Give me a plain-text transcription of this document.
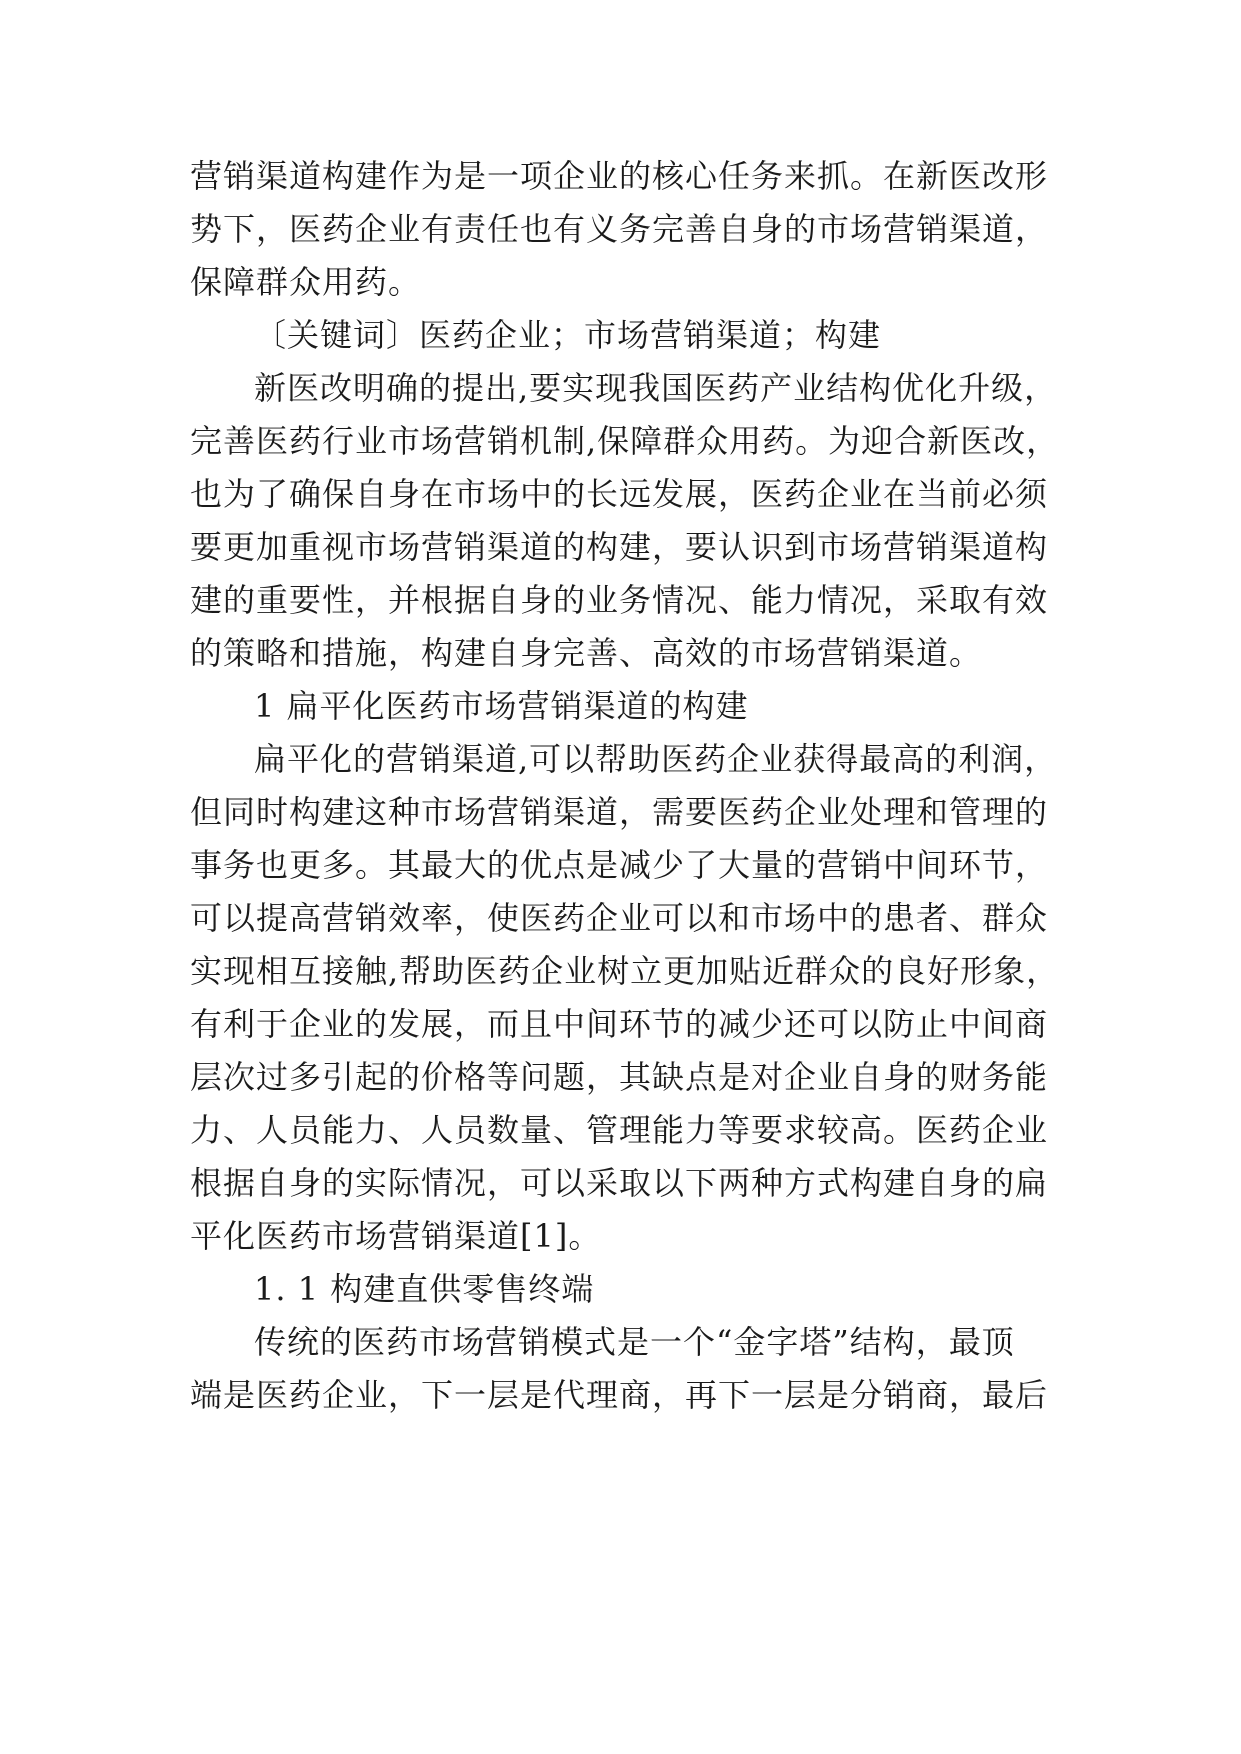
营销渠道构建作为是一项企业的核心任务来抓。在新医改形
势下，医药企业有责任也有义务完善自身的市场营销渠道，
保障群众用药。
〔关键词〕医药企业；市场营销渠道；构建
新医改明确的提出,要实现我国医药产业结构优化升级，
完善医药行业市场营销机制,保障群众用药。为迎合新医改，
也为了确保自身在市场中的长远发展，医药企业在当前必须
要更加重视市场营销渠道的构建，要认识到市场营销渠道构
建的重要性，并根据自身的业务情况、能力情况，采取有效
的策略和措施，构建自身完善、高效的市场营销渠道。
1 扁平化医药市场营销渠道的构建
扁平化的营销渠道,可以帮助医药企业获得最高的利润，
但同时构建这种市场营销渠道，需要医药企业处理和管理的
事务也更多。其最大的优点是减少了大量的营销中间环节，
可以提高营销效率，使医药企业可以和市场中的患者、群众
实现相互接触,帮助医药企业树立更加贴近群众的良好形象，
有利于企业的发展，而且中间环节的减少还可以防止中间商
层次过多引起的价格等问题，其缺点是对企业自身的财务能
力、人员能力、人员数量、管理能力等要求较高。医药企业
根据自身的实际情况，可以采取以下两种方式构建自身的扁
平化医药市场营销渠道[1]。
1. 1 构建直供零售终端
传统的医药市场营销模式是一个“金字塔”结构，最顶
端是医药企业，下一层是代理商，再下一层是分销商，最后
